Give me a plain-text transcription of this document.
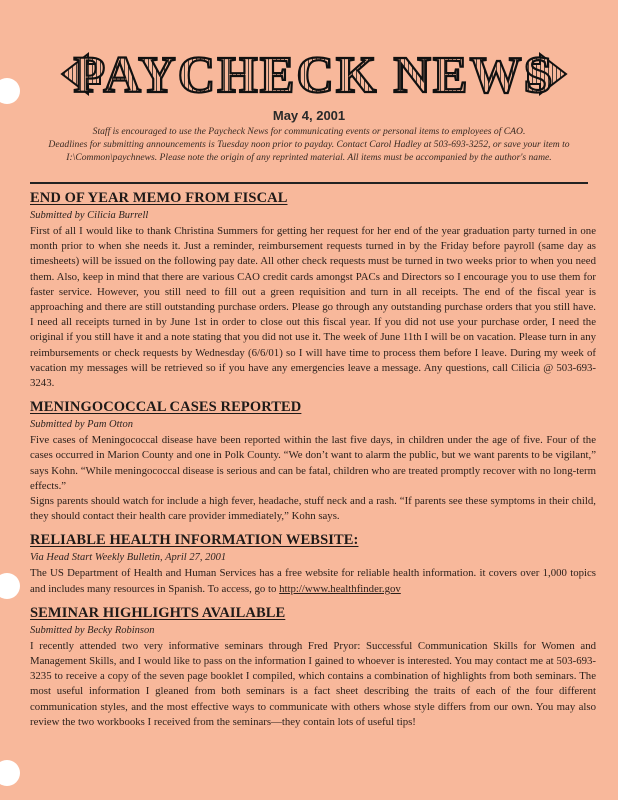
PAYCHECK NEWS
May 4, 2001
Staff is encouraged to use the Paycheck News for communicating events or personal items to employees of CAO.
Deadlines for submitting announcements is Tuesday noon prior to payday. Contact Carol Hadley at 503-693-3252, or save your item to
I:\Common\paychnews. Please note the origin of any reprinted material. All items must be accompanied by the author's name.
END OF YEAR MEMO FROM FISCAL
Submitted by Cilicia Burrell

First of all I would like to thank Christina Summers for getting her request for her end of the year graduation party turned in one month prior to when she needs it. Just a reminder, reimbursement requests turned in by the Friday before payroll (same day as timesheets) will be issued on the following pay date. All other check requests must be turned in two weeks prior to when you need them. Also, keep in mind that there are various CAO credit cards amongst PACs and Directors so I encourage you to use them for faster service. However, you still need to fill out a green requisition and turn in all receipts. The end of the fiscal year is approaching and there are still outstanding purchase orders. Please go through any outstanding purchase orders that you still have. I need all receipts turned in by June 1st in order to close out this fiscal year. If you did not use your purchase order, I need the original if you still have it and a note stating that you did not use it. The week of June 11th I will be on vacation. Please turn in any reimbursements or check requests by Wednesday (6/6/01) so I will have time to process them before I leave. During my week of vacation my messages will be retrieved so if you have any emergencies leave a message. Any questions, call Cilicia @ 503-693-3243.

MENINGOCOCCAL CASES REPORTED
Submitted by Pam Otton

Five cases of Meningococcal disease have been reported within the last five days, in children under the age of five. Four of the cases occurred in Marion County and one in Polk County. “We don’t want to alarm the public, but we want parents to be vigilant,” says Kohn. “While meningococcal disease is serious and can be fatal, children who are treated promptly recover with no long-term effects.”

Signs parents should watch for include a high fever, headache, stuff neck and a rash. “If parents see these symptoms in their child, they should contact their health care provider immediately,” Kohn says.

RELIABLE HEALTH INFORMATION WEBSITE:
Via Head Start Weekly Bulletin, April 27, 2001

The US Department of Health and Human Services has a free website for reliable health information. it covers over 1,000 topics and includes many resources in Spanish. To access, go to http://www.healthfinder.gov

SEMINAR HIGHLIGHTS AVAILABLE
Submitted by Becky Robinson

I recently attended two very informative seminars through Fred Pryor: Successful Communication Skills for Women and Management Skills, and I would like to pass on the information I gained to whoever is interested. You may contact me at 503-693-3235 to receive a copy of the seven page booklet I compiled, which contains a combination of highlights from both seminars. The most useful information I gleaned from both seminars is a fact sheet describing the traits of each of the four different communication styles, and the most effective ways to communicate with others whose style differs from our own. You may also review the two workbooks I received from the seminars—they contain lots of useful tips!
